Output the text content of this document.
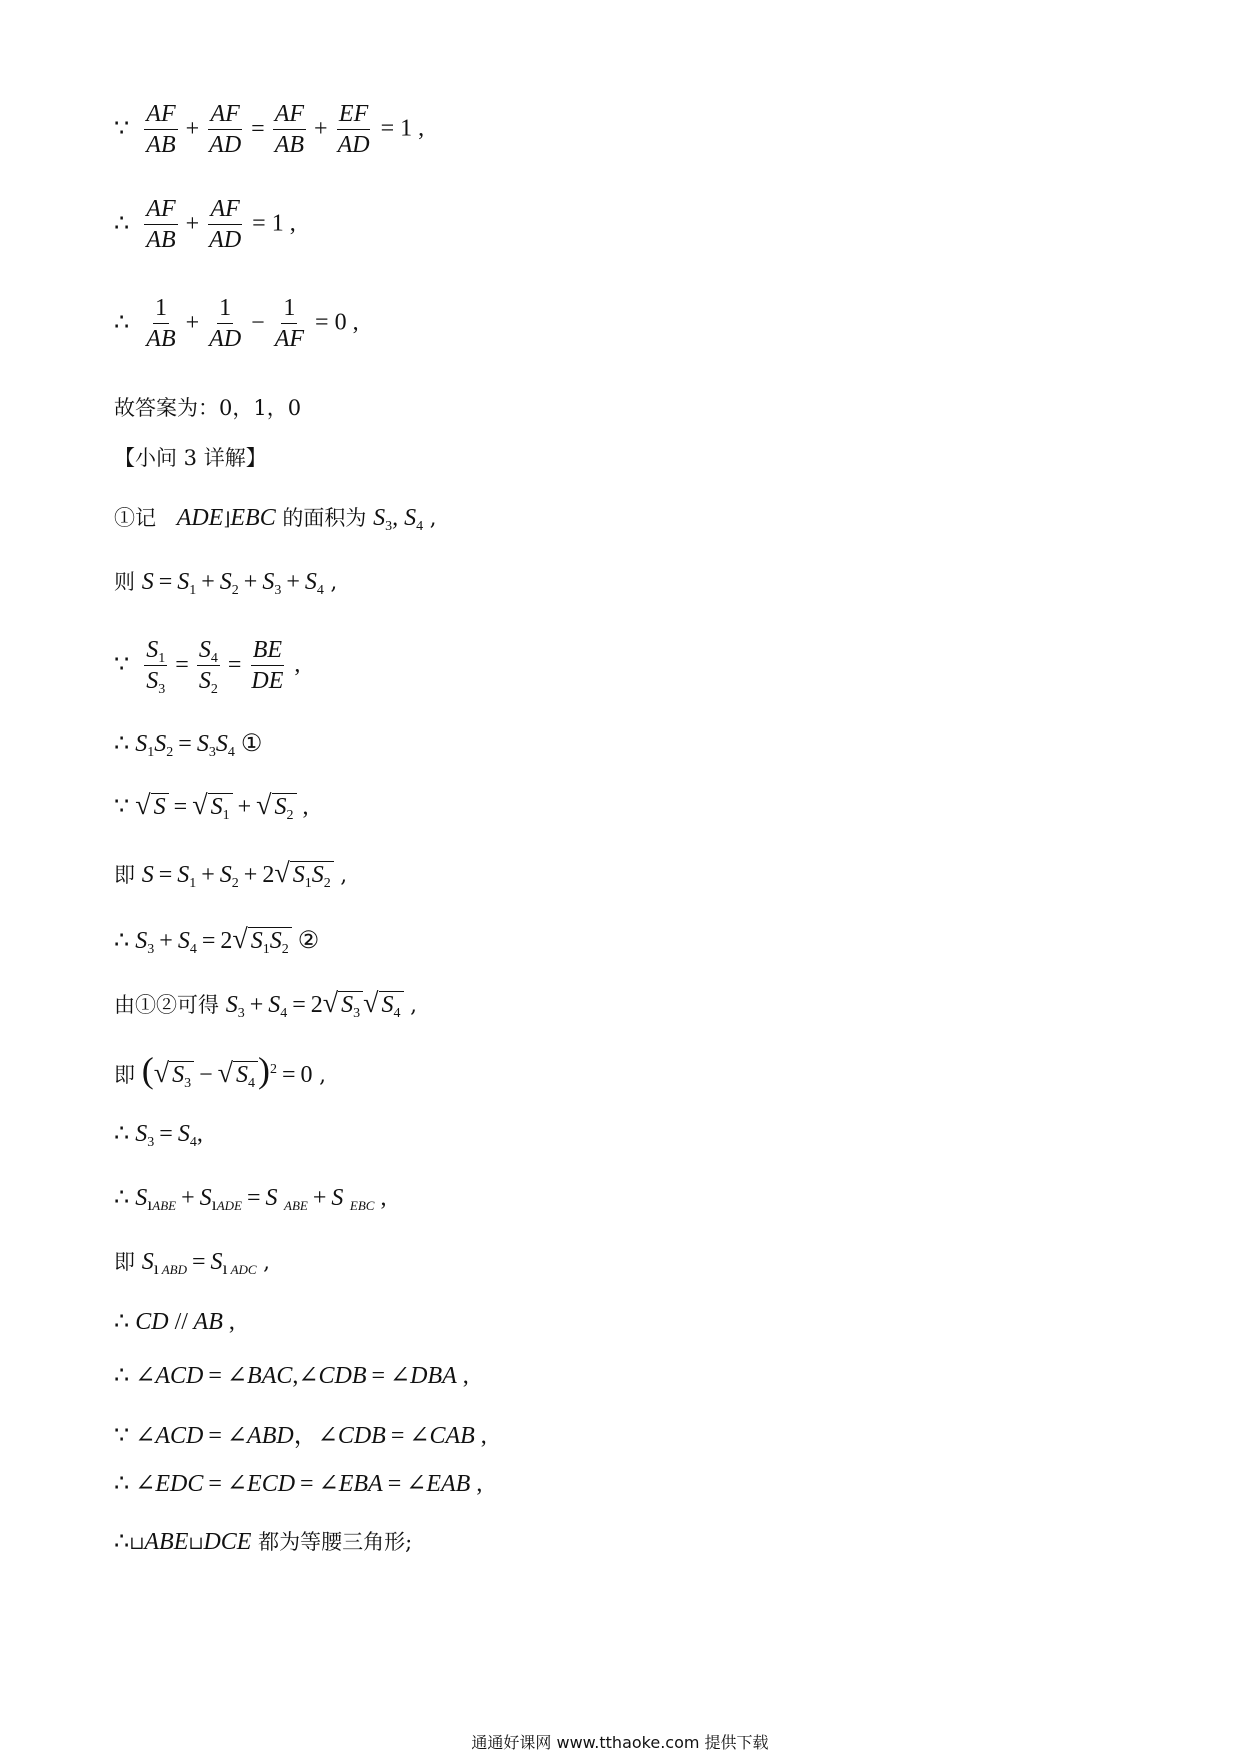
∵ $\frac{AF}{AB} + \frac{AF}{AD} = \frac{AF}{AB} + \frac{EF}{AD} = 1$ ,
∴ $\frac{AF}{AB} + \frac{AF}{AD} = 1$ ,
∴ $\frac{1}{AB} + \frac{1}{AD} - \frac{1}{AF} = 0$ ,
故答案为：0，1，0
【小问 3 详解】
①记 ADE⌋EBC 的面积为 $S_3$, $S_4$ ,
则 $S = S_1 + S_2 + S_3 + S_4$ ,
∵ $\frac{S_1}{S_3} = \frac{S_4}{S_2} = \frac{BE}{DE}$ ,
∴ $S_1S_2 = S_3S_4$ ①
∵ √ S = √ $S_1$ + √ $S_2$ ,
即 $S = S_1 + S_2 + 2$ √ $S_1S_2$ ,
∴ $S_3 + S_4 = 2$ √ $S_1S_2$ ②
由①②可得 $S_3 + S_4 = 2$ √ $S_3$ √ $S_4$ ,
即 ( √ $S_3$ − √ $S_4$ )$^2$ = 0 ,
∴ $S_3 = S_4$,
∴ $S_{ıABE} + S_{ıADE} = S$  $_{ABE}$ + S  $_{EBC}$ ,
即 $S_{ı ABD} = S_{ı ADC}$ ,
∴ CD // AB ,
∴ ∠ACD = ∠BAC,∠CDB = ∠DBA ,
∵ ∠ACD = ∠ABD，∠CDB = ∠CAB ,
∴ ∠EDC = ∠ECD = ∠EBA = ∠EAB ,
∴⊔ABE⊔DCE 都为等腰三角形;
通通好课网 www.tthaoke.com 提供下载
